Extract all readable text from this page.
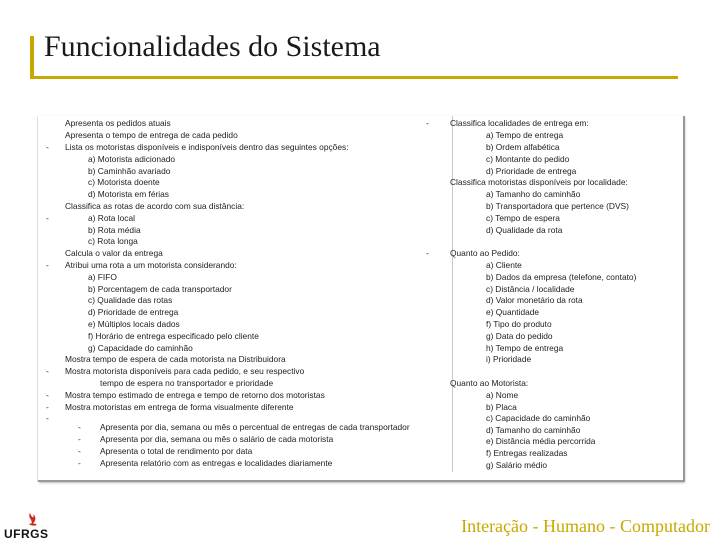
Funcionalidades do Sistema
Apresenta os pedidos atuais
Apresenta o tempo de entrega de cada pedido
Lista os motoristas disponíveis e indisponíveis dentro das seguintes opções:
a) Motorista adicionado
b) Caminhão avariado
c) Motorista doente
d) Motorista em férias
Classifica as rotas de acordo com sua distância:
a) Rota local
b) Rota média
c) Rota longa
Calcula o valor da entrega
Atribui uma rota a um motorista considerando:
a) FIFO
b) Porcentagem de cada transportador
c) Qualidade das rotas
d) Prioridade de entrega
e) Múltiplos locais dados
f) Horário de entrega especificado pelo cliente
g) Capacidade do caminhão
Mostra tempo de espera de cada motorista na Distribuidora
Mostra motorista disponíveis para cada pedido, e seu respectivo
tempo de espera no transportador e prioridade
Mostra tempo estimado de entrega e tempo de retorno dos motoristas
Mostra motoristas em entrega de forma visualmente diferente
Apresenta por dia, semana ou mês o percentual de entregas de cada transportador
Apresenta por dia, semana ou mês o salário de cada motorista
Apresenta o total de rendimento por data
Apresenta relatório com as entregas e localidades diariamente
-
-
-
-
-
-
-
-
-
-
-
Classifica localidades de entrega em:
a) Tempo de entrega
b) Ordem alfabética
c) Montante do pedido
d) Prioridade de entrega
Classifica motoristas disponíveis por localidade:
a) Tamanho do caminhão
b) Transportadora que pertence (DVS)
c) Tempo de espera
d) Qualidade da rota
Quanto ao Pedido:
a) Cliente
b) Dados da empresa (telefone, contato)
c) Distância / localidade
d) Valor monetário da rota
e) Quantidade
f) Tipo do produto
g) Data do pedido
h) Tempo de entrega
i) Prioridade
Quanto ao Motorista:
a) Nome
b) Placa
c) Capacidade do caminhão
d) Tamanho do caminhão
e) Distância média percorrida
f) Entregas realizadas
g) Salário médio
-
-
UFRGS	Interação - Humano - Computador
